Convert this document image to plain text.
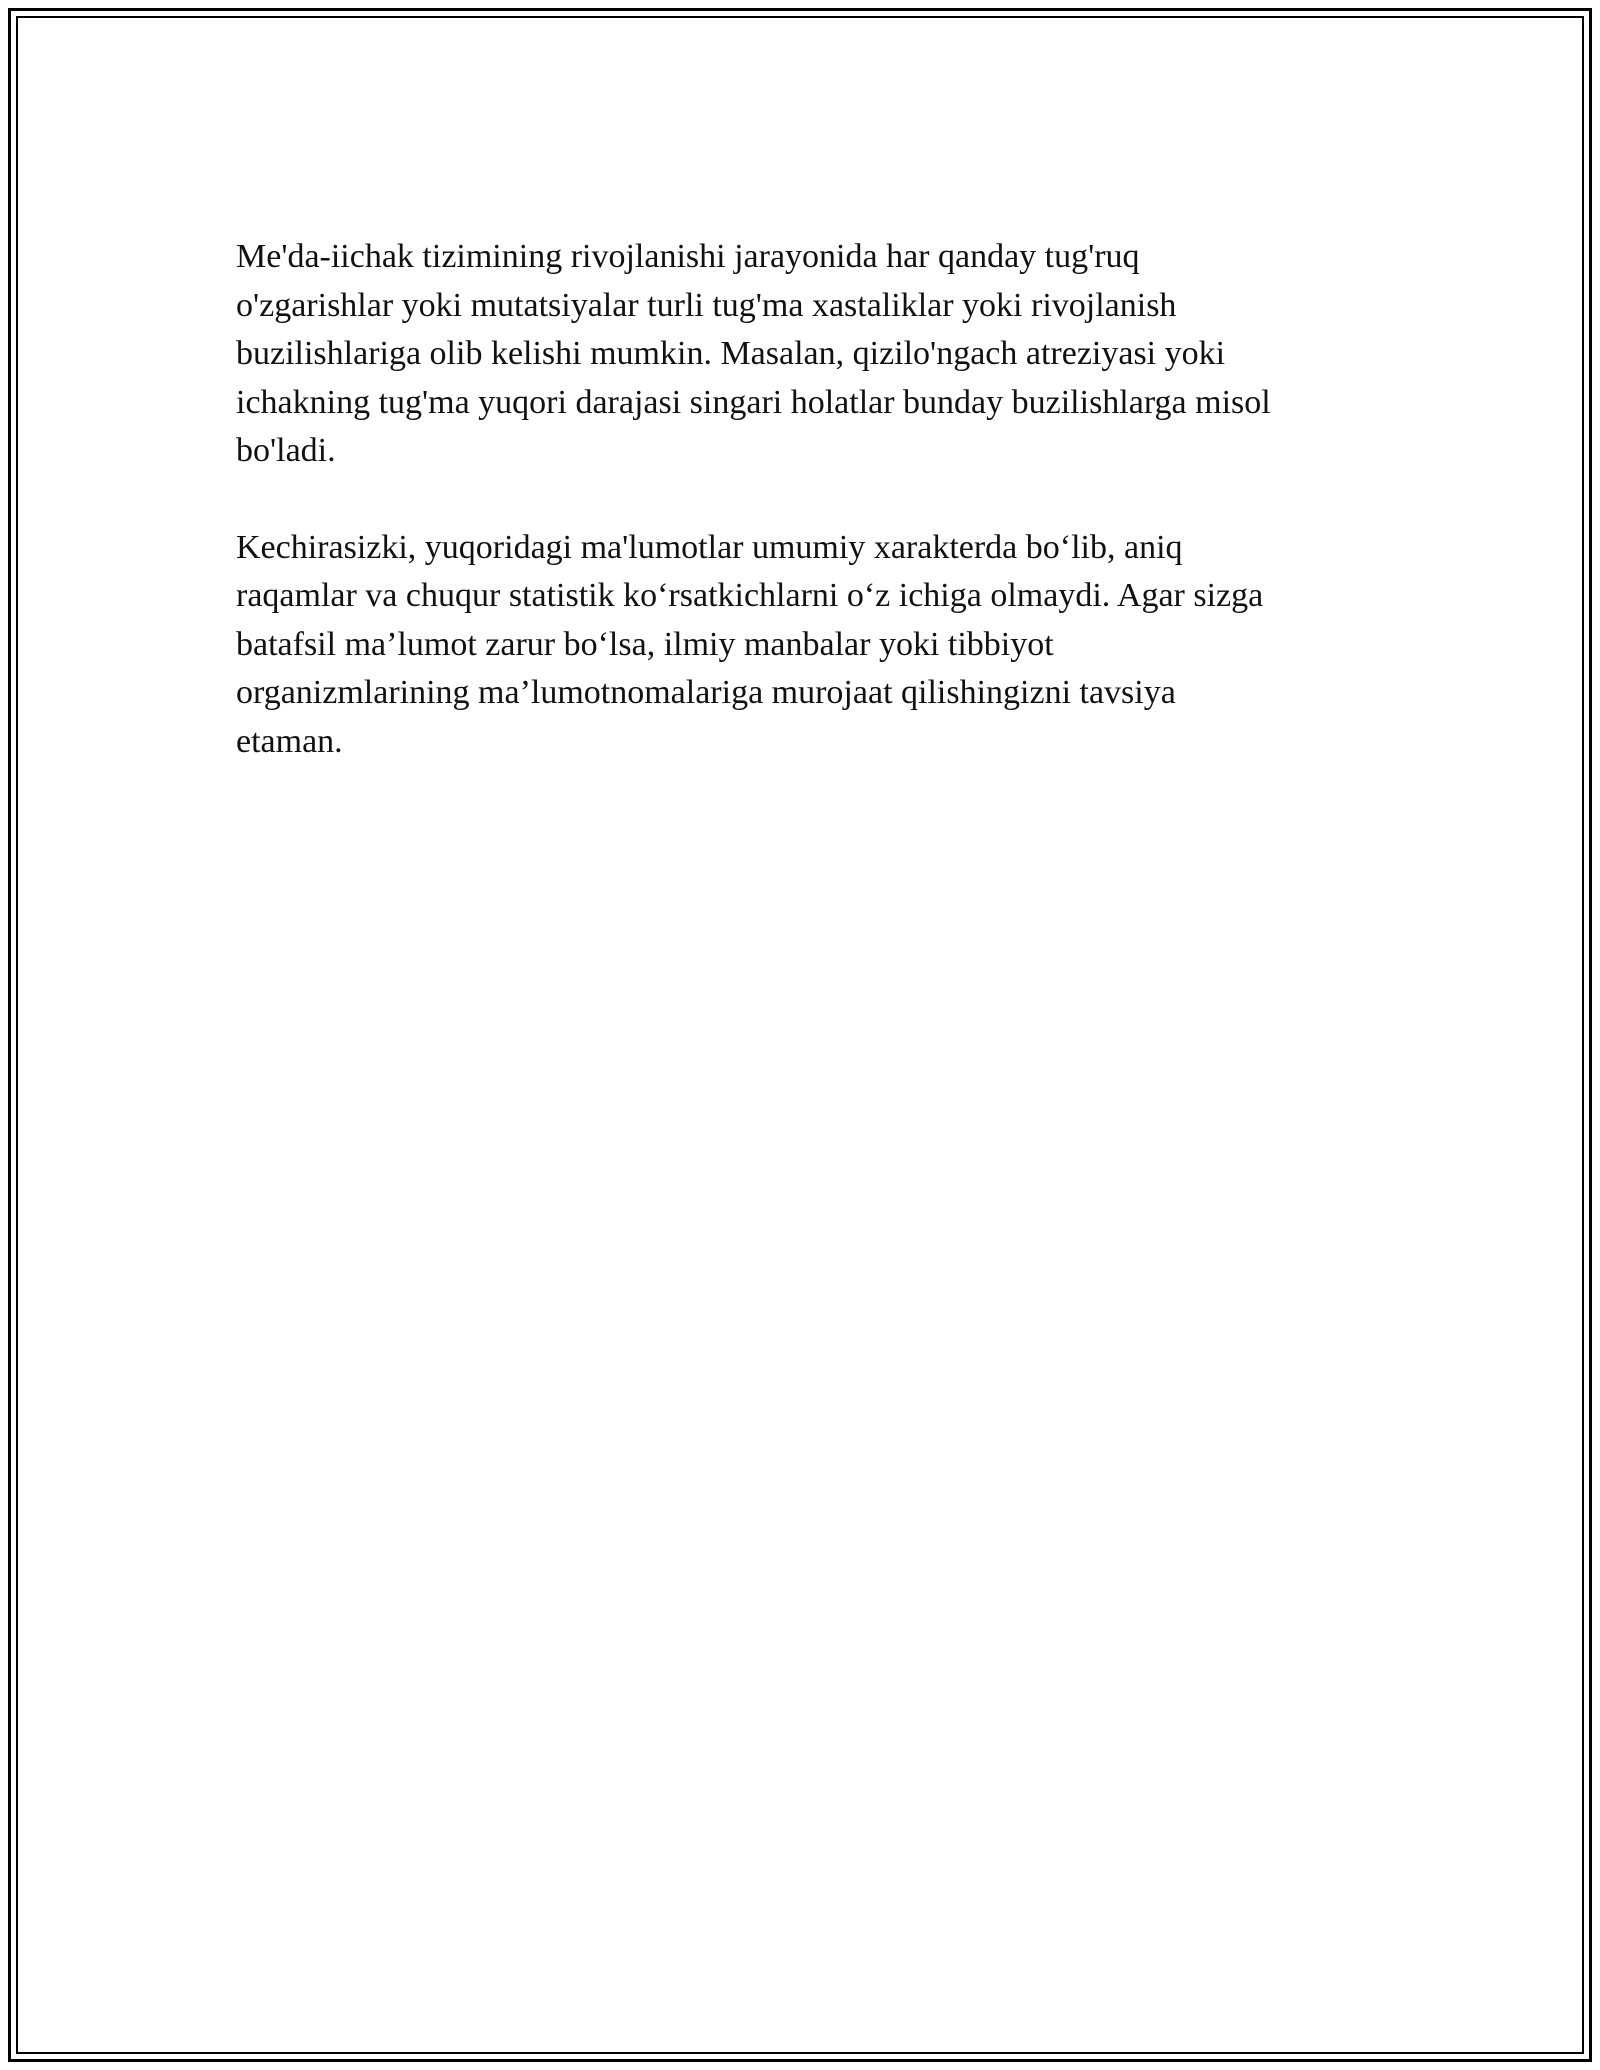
Me'da-iichak tizimining rivojlanishi jarayonida har qanday tug'ruq
o'zgarishlar yoki mutatsiyalar turli tug'ma xastaliklar yoki rivojlanish
buzilishlariga olib kelishi mumkin. Masalan, qizilo'ngach atreziyasi yoki
ichakning tug'ma yuqori darajasi singari holatlar bunday buzilishlarga misol
bo'ladi.

Kechirasizki, yuqoridagi ma'lumotlar umumiy xarakterda bo‘lib, aniq
raqamlar va chuqur statistik ko‘rsatkichlarni o‘z ichiga olmaydi. Agar sizga
batafsil ma’lumot zarur bo‘lsa, ilmiy manbalar yoki tibbiyot
organizmlarining ma’lumotnomalariga murojaat qilishingizni tavsiya
etaman.
